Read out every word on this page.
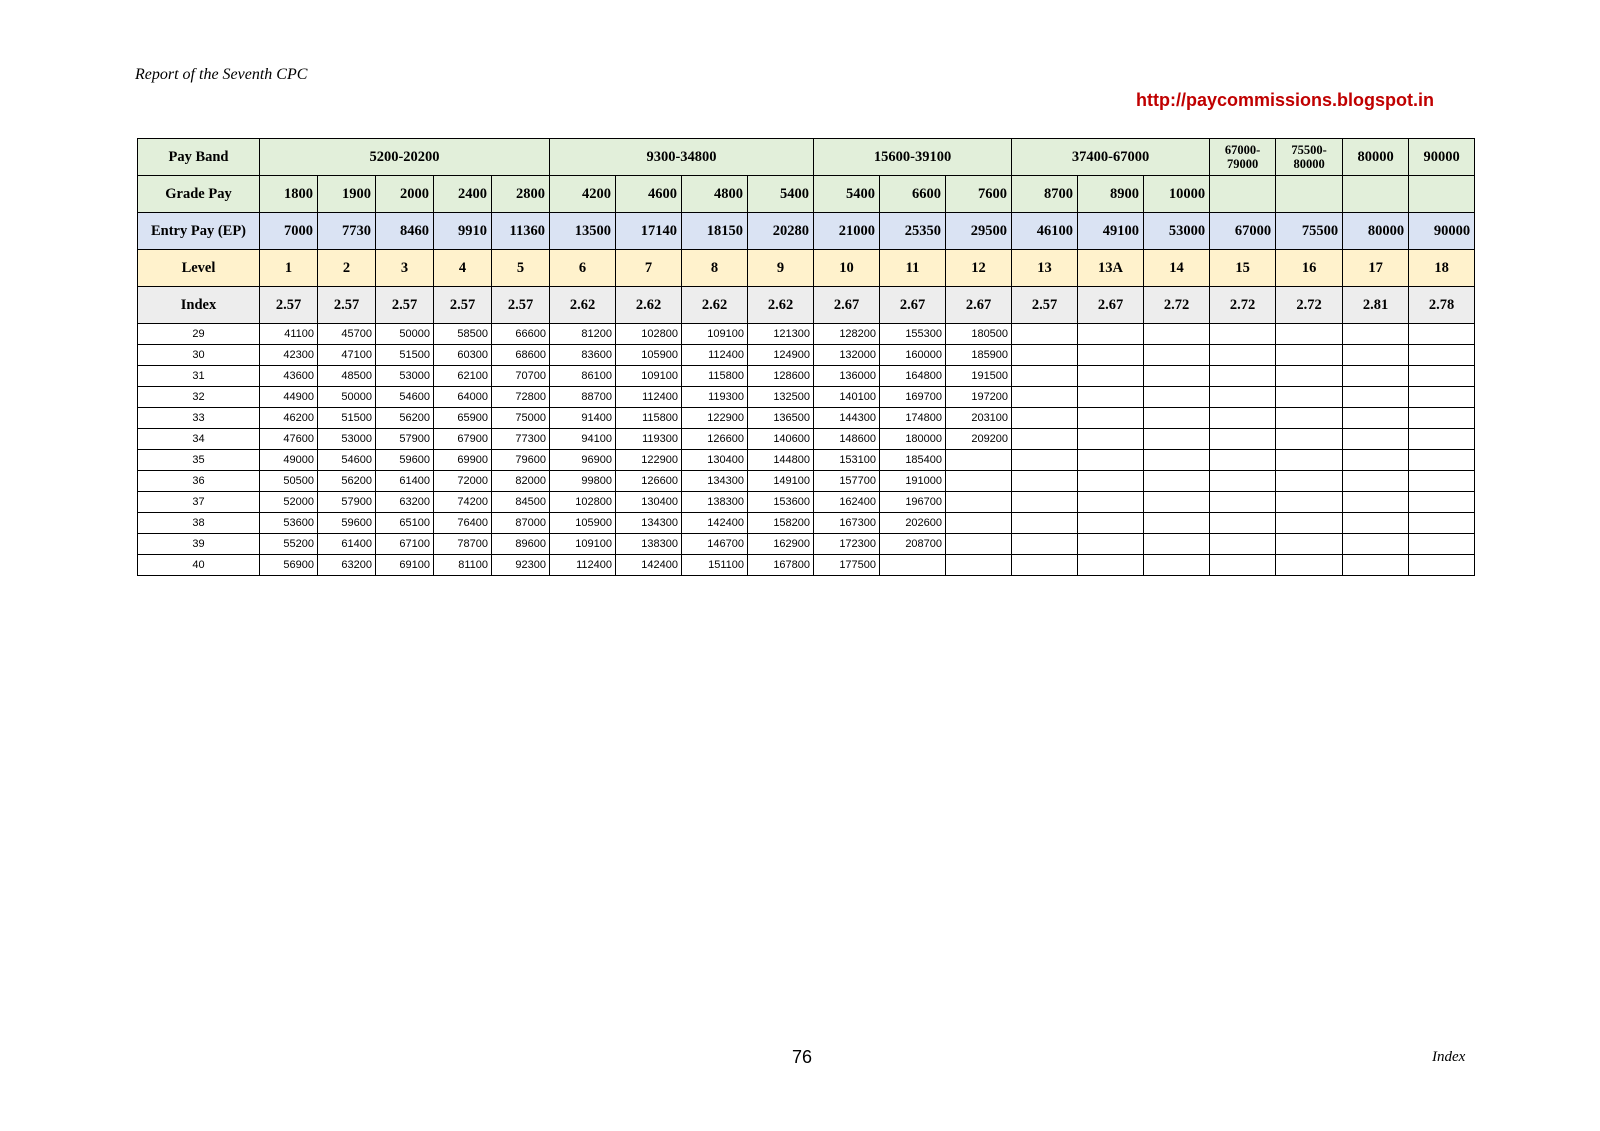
Report of the Seventh CPC
http://paycommissions.blogspot.in
Pay Band	5200-20200					9300-34800				15600-39100			37400-67000			67000- 79000	75500- 80000	80000	90000
Grade Pay	1800	1900	2000	2400	2800	4200	4600	4800	5400	5400	6600	7600	8700	8900	10000				
Entry Pay (EP)	7000	7730	8460	9910	11360	13500	17140	18150	20280	21000	25350	29500	46100	49100	53000	67000	75500	80000	90000
Level	1	2	3	4	5	6	7	8	9	10	11	12	13	13A	14	15	16	17	18
Index	2.57	2.57	2.57	2.57	2.57	2.62	2.62	2.62	2.62	2.67	2.67	2.67	2.57	2.67	2.72	2.72	2.72	2.81	2.78
29	41100	45700	50000	58500	66600	81200	102800	109100	121300	128200	155300	180500							
30	42300	47100	51500	60300	68600	83600	105900	112400	124900	132000	160000	185900							
31	43600	48500	53000	62100	70700	86100	109100	115800	128600	136000	164800	191500							
32	44900	50000	54600	64000	72800	88700	112400	119300	132500	140100	169700	197200							
33	46200	51500	56200	65900	75000	91400	115800	122900	136500	144300	174800	203100							
34	47600	53000	57900	67900	77300	94100	119300	126600	140600	148600	180000	209200							
35	49000	54600	59600	69900	79600	96900	122900	130400	144800	153100	185400								
36	50500	56200	61400	72000	82000	99800	126600	134300	149100	157700	191000								
37	52000	57900	63200	74200	84500	102800	130400	138300	153600	162400	196700								
38	53600	59600	65100	76400	87000	105900	134300	142400	158200	167300	202600								
39	55200	61400	67100	78700	89600	109100	138300	146700	162900	172300	208700								
40	56900	63200	69100	81100	92300	112400	142400	151100	167800	177500									
76	Index
